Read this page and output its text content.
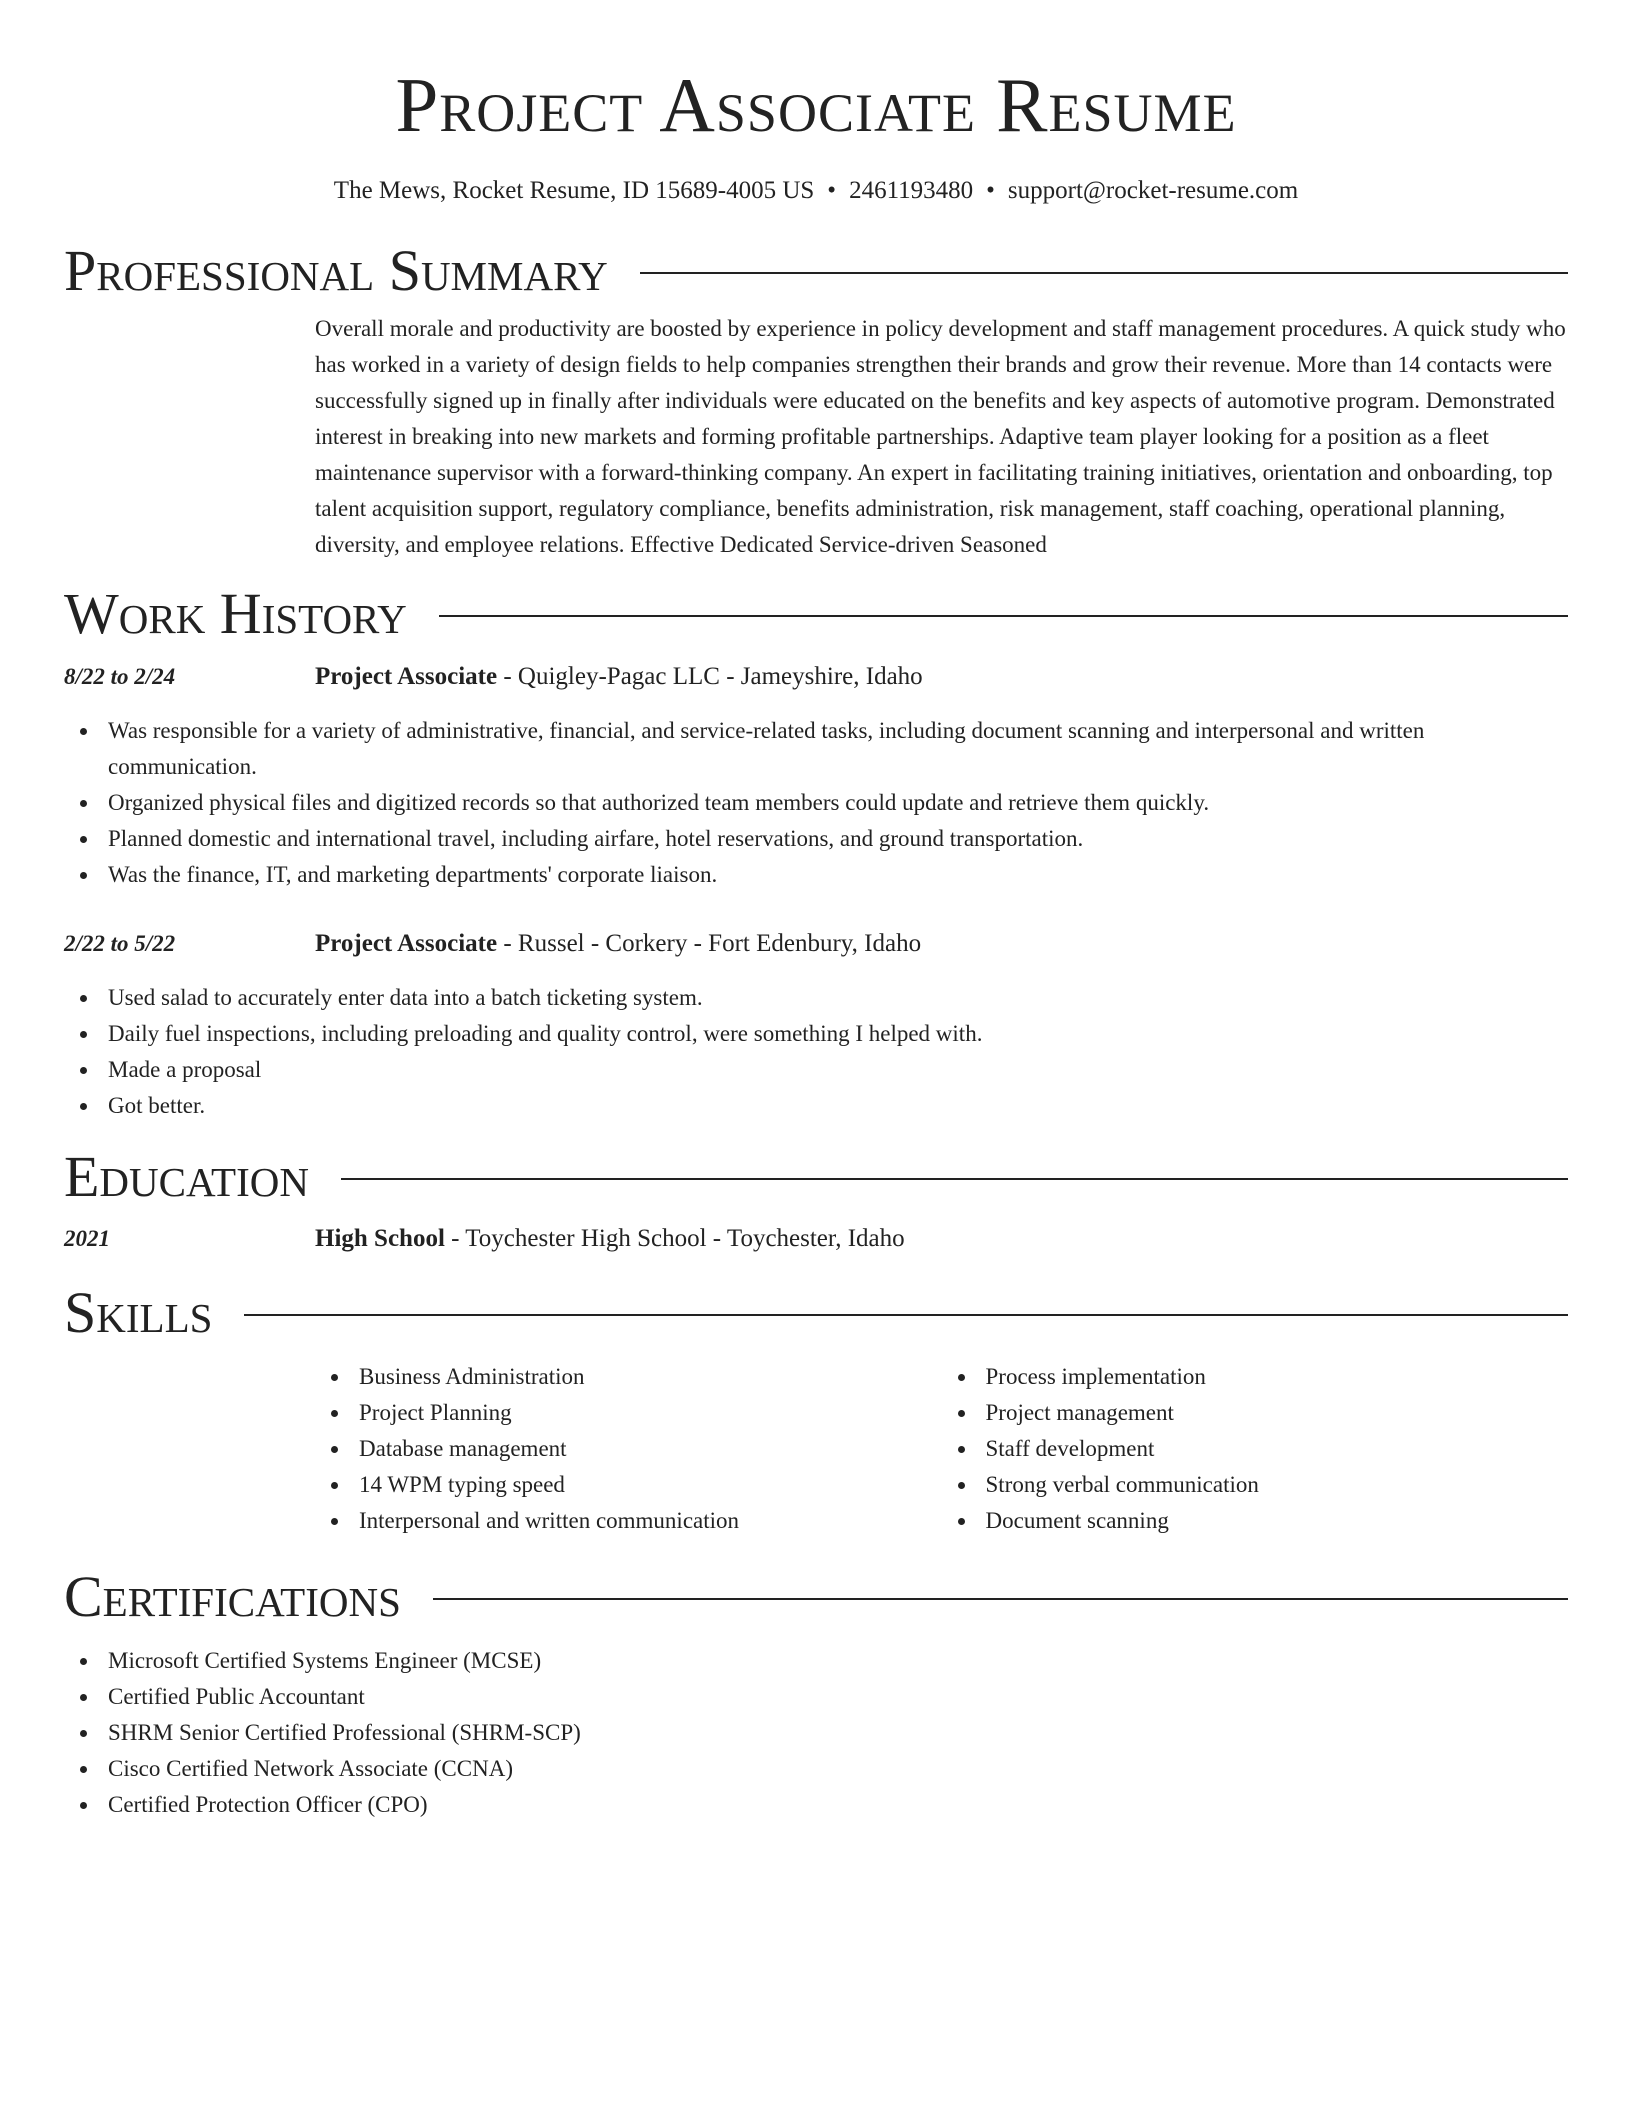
Project Associate Resume
The Mews, Rocket Resume, ID 15689-4005 US • 2461193480 • support@rocket-resume.com
Professional Summary

Overall morale and productivity are boosted by experience in policy development and staff management procedures. A quick study who has worked in a variety of design fields to help companies strengthen their brands and grow their revenue. More than 14 contacts were successfully signed up in finally after individuals were educated on the benefits and key aspects of automotive program. Demonstrated interest in breaking into new markets and forming profitable partnerships. Adaptive team player looking for a position as a fleet maintenance supervisor with a forward-thinking company. An expert in facilitating training initiatives, orientation and onboarding, top talent acquisition support, regulatory compliance, benefits administration, risk management, staff coaching, operational planning, diversity, and employee relations. Effective Dedicated Service-driven Seasoned

Work History
8/22 to 2/24	Project Associate - Quigley-Pagac LLC - Jameyshire, Idaho
Was responsible for a variety of administrative, financial, and service-related tasks, including document scanning and interpersonal and written communication.
Organized physical files and digitized records so that authorized team members could update and retrieve them quickly.
Planned domestic and international travel, including airfare, hotel reservations, and ground transportation.
Was the finance, IT, and marketing departments' corporate liaison.
2/22 to 5/22	Project Associate - Russel - Corkery - Fort Edenbury, Idaho
Used salad to accurately enter data into a batch ticketing system.
Daily fuel inspections, including preloading and quality control, were something I helped with.
Made a proposal
Got better.
Education
2021	High School - Toychester High School - Toychester, Idaho
Skills
Business Administration
Project Planning
Database management
14 WPM typing speed
Interpersonal and written communication
Process implementation
Project management
Staff development
Strong verbal communication
Document scanning
Certifications
Microsoft Certified Systems Engineer (MCSE)
Certified Public Accountant
SHRM Senior Certified Professional (SHRM-SCP)
Cisco Certified Network Associate (CCNA)
Certified Protection Officer (CPO)
